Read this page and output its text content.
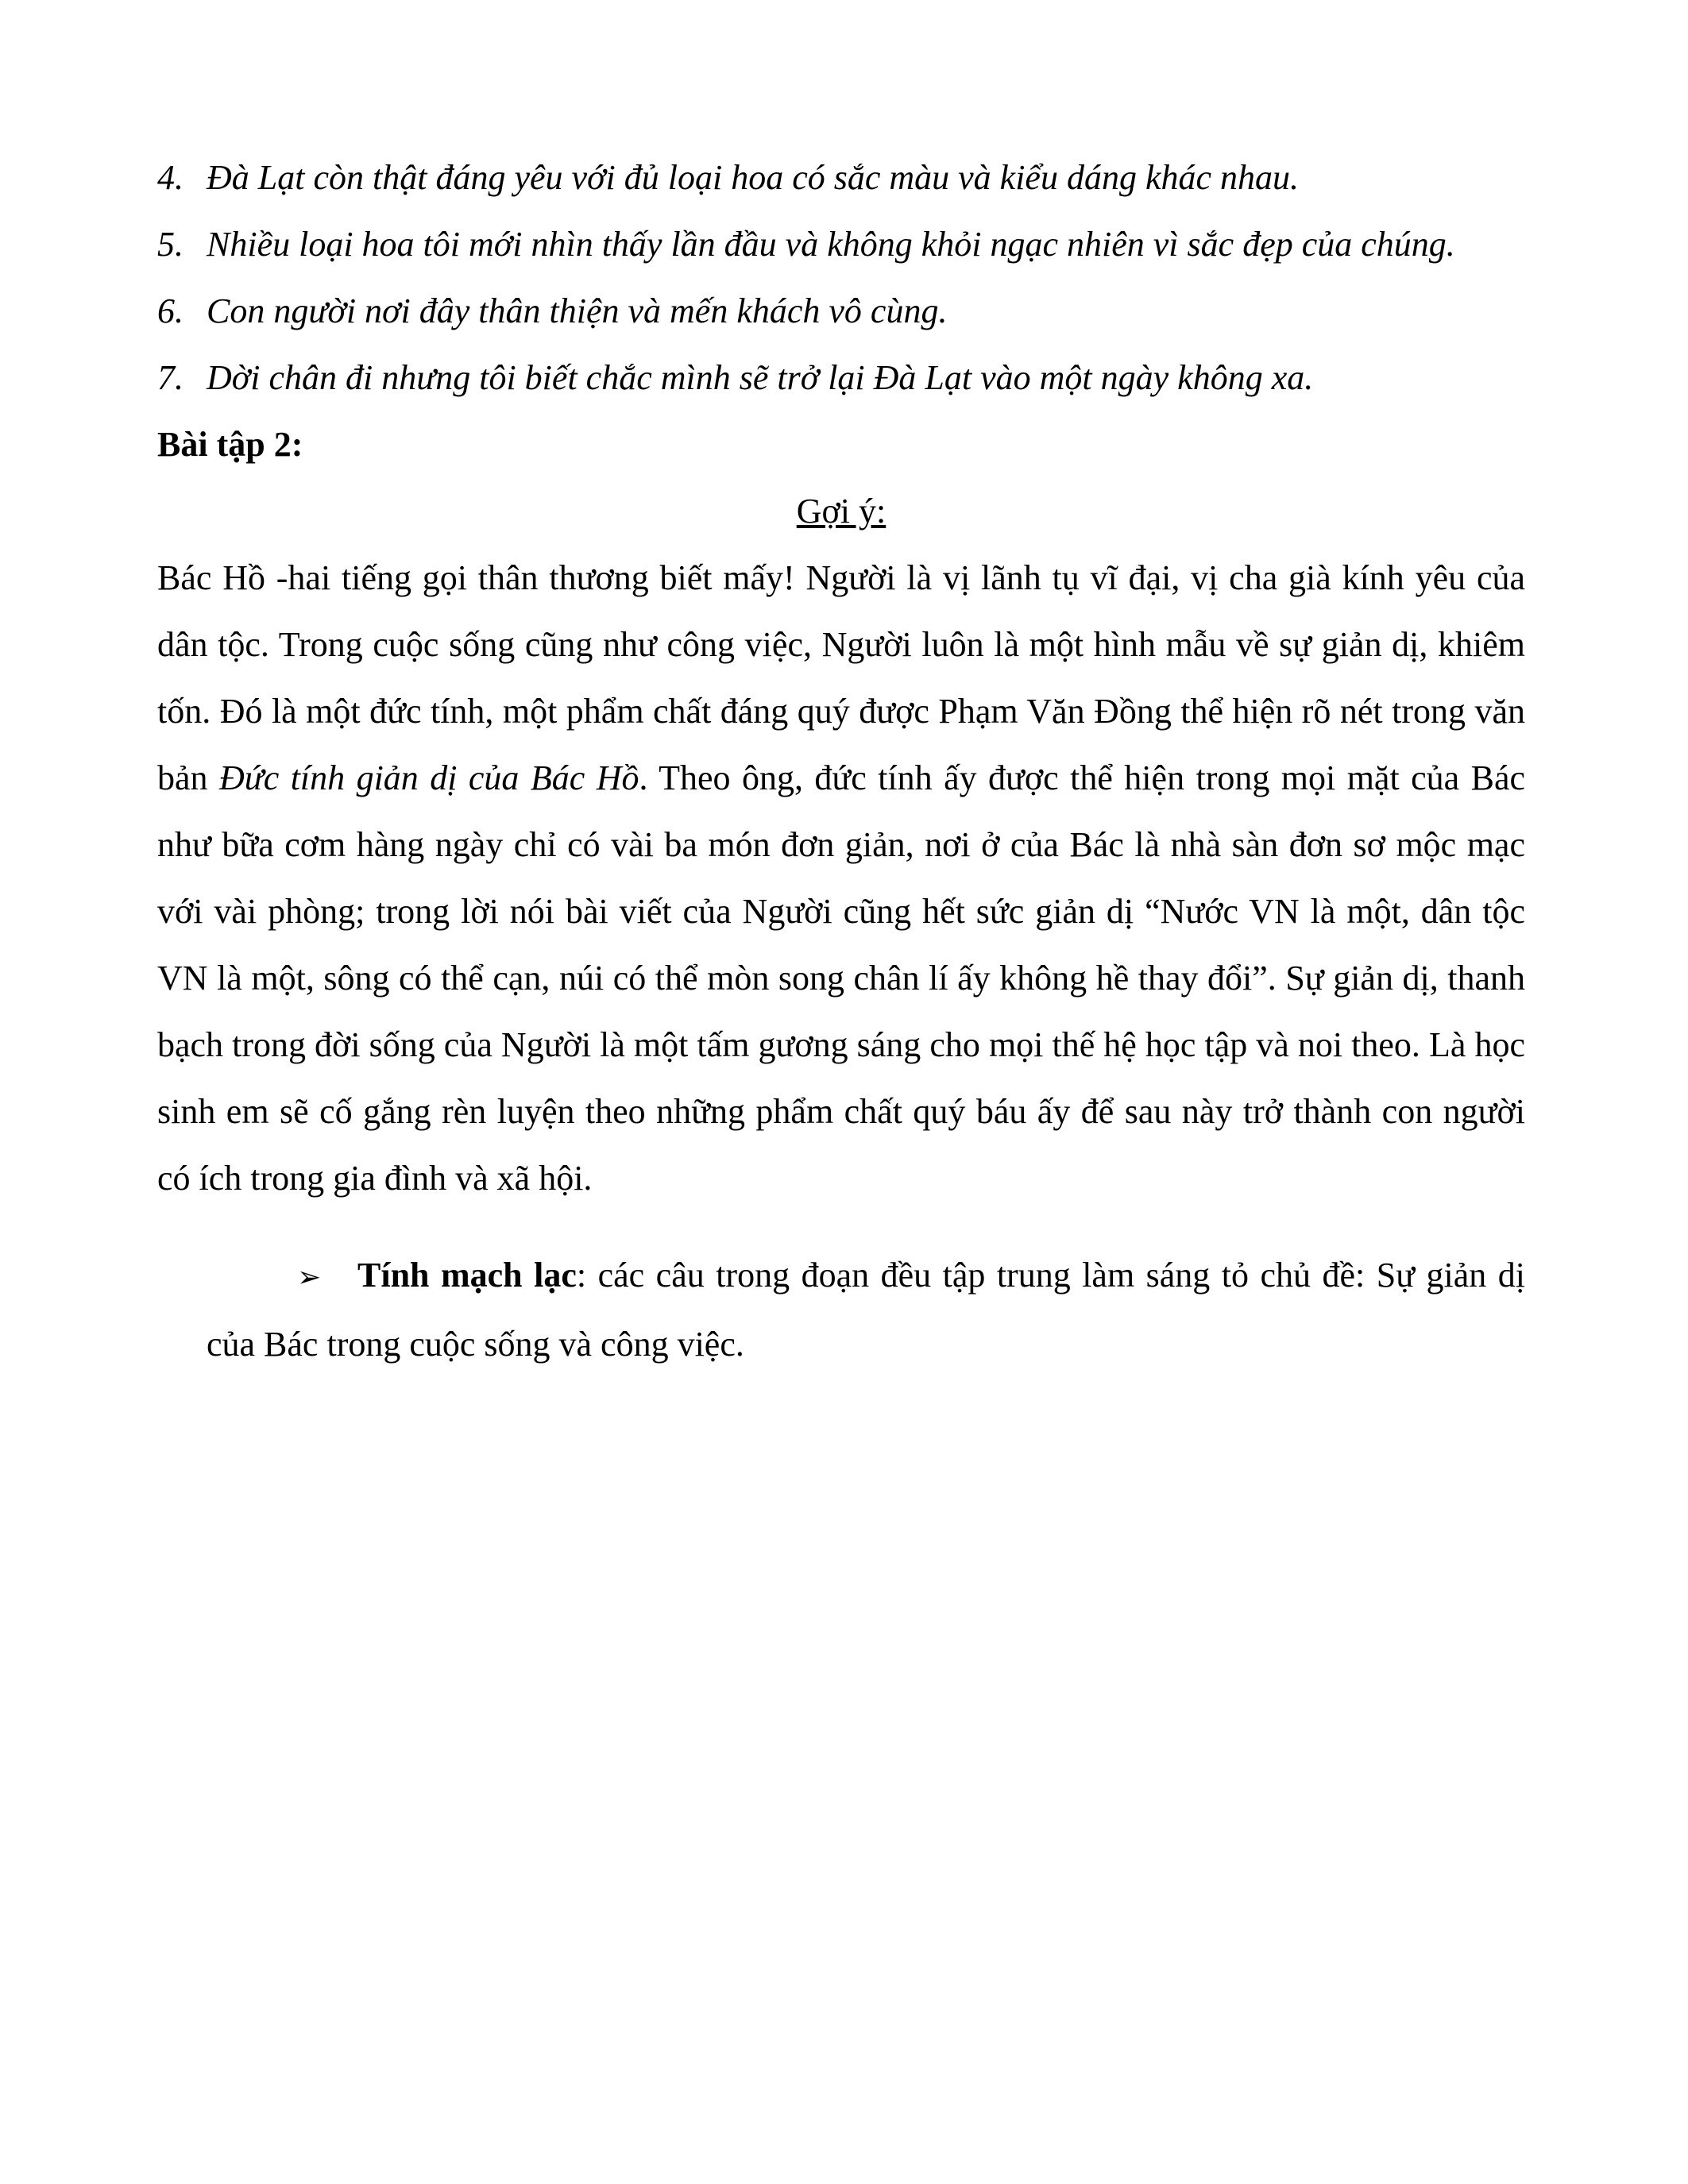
4. Đà Lạt còn thật đáng yêu với đủ loại hoa có sắc màu và kiểu dáng khác nhau.
5. Nhiều loại hoa tôi mới nhìn thấy lần đầu và không khỏi ngạc nhiên vì sắc đẹp của chúng.
6. Con người nơi đây thân thiện và mến khách vô cùng.
7. Dời chân đi nhưng tôi biết chắc mình sẽ trở lại Đà Lạt vào một ngày không xa.

Bài tập 2:

Gợi ý:

Bác Hồ -hai tiếng gọi thân thương biết mấy! Người là vị lãnh tụ vĩ đại, vị cha già kính yêu của dân tộc. Trong cuộc sống cũng như công việc, Người luôn là một hình mẫu về sự giản dị, khiêm tốn. Đó là một đức tính, một phẩm chất đáng quý được Phạm Văn Đồng thể hiện rõ nét trong văn bản Đức tính giản dị của Bác Hồ. Theo ông, đức tính ấy được thể hiện trong mọi mặt của Bác như bữa cơm hàng ngày chỉ có vài ba món đơn giản, nơi ở của Bác là nhà sàn đơn sơ mộc mạc với vài phòng; trong lời nói bài viết của Người cũng hết sức giản dị “Nước VN là một, dân tộc VN là một, sông có thể cạn, núi có thể mòn song chân lí ấy không hề thay đổi”. Sự giản dị, thanh bạch trong đời sống của Người là một tấm gương sáng cho mọi thế hệ học tập và noi theo. Là học sinh em sẽ cố gắng rèn luyện theo những phẩm chất quý báu ấy để sau này trở thành con người có ích trong gia đình và xã hội.

➢ Tính mạch lạc: các câu trong đoạn đều tập trung làm sáng tỏ chủ đề: Sự giản dị của Bác trong cuộc sống và công việc.
